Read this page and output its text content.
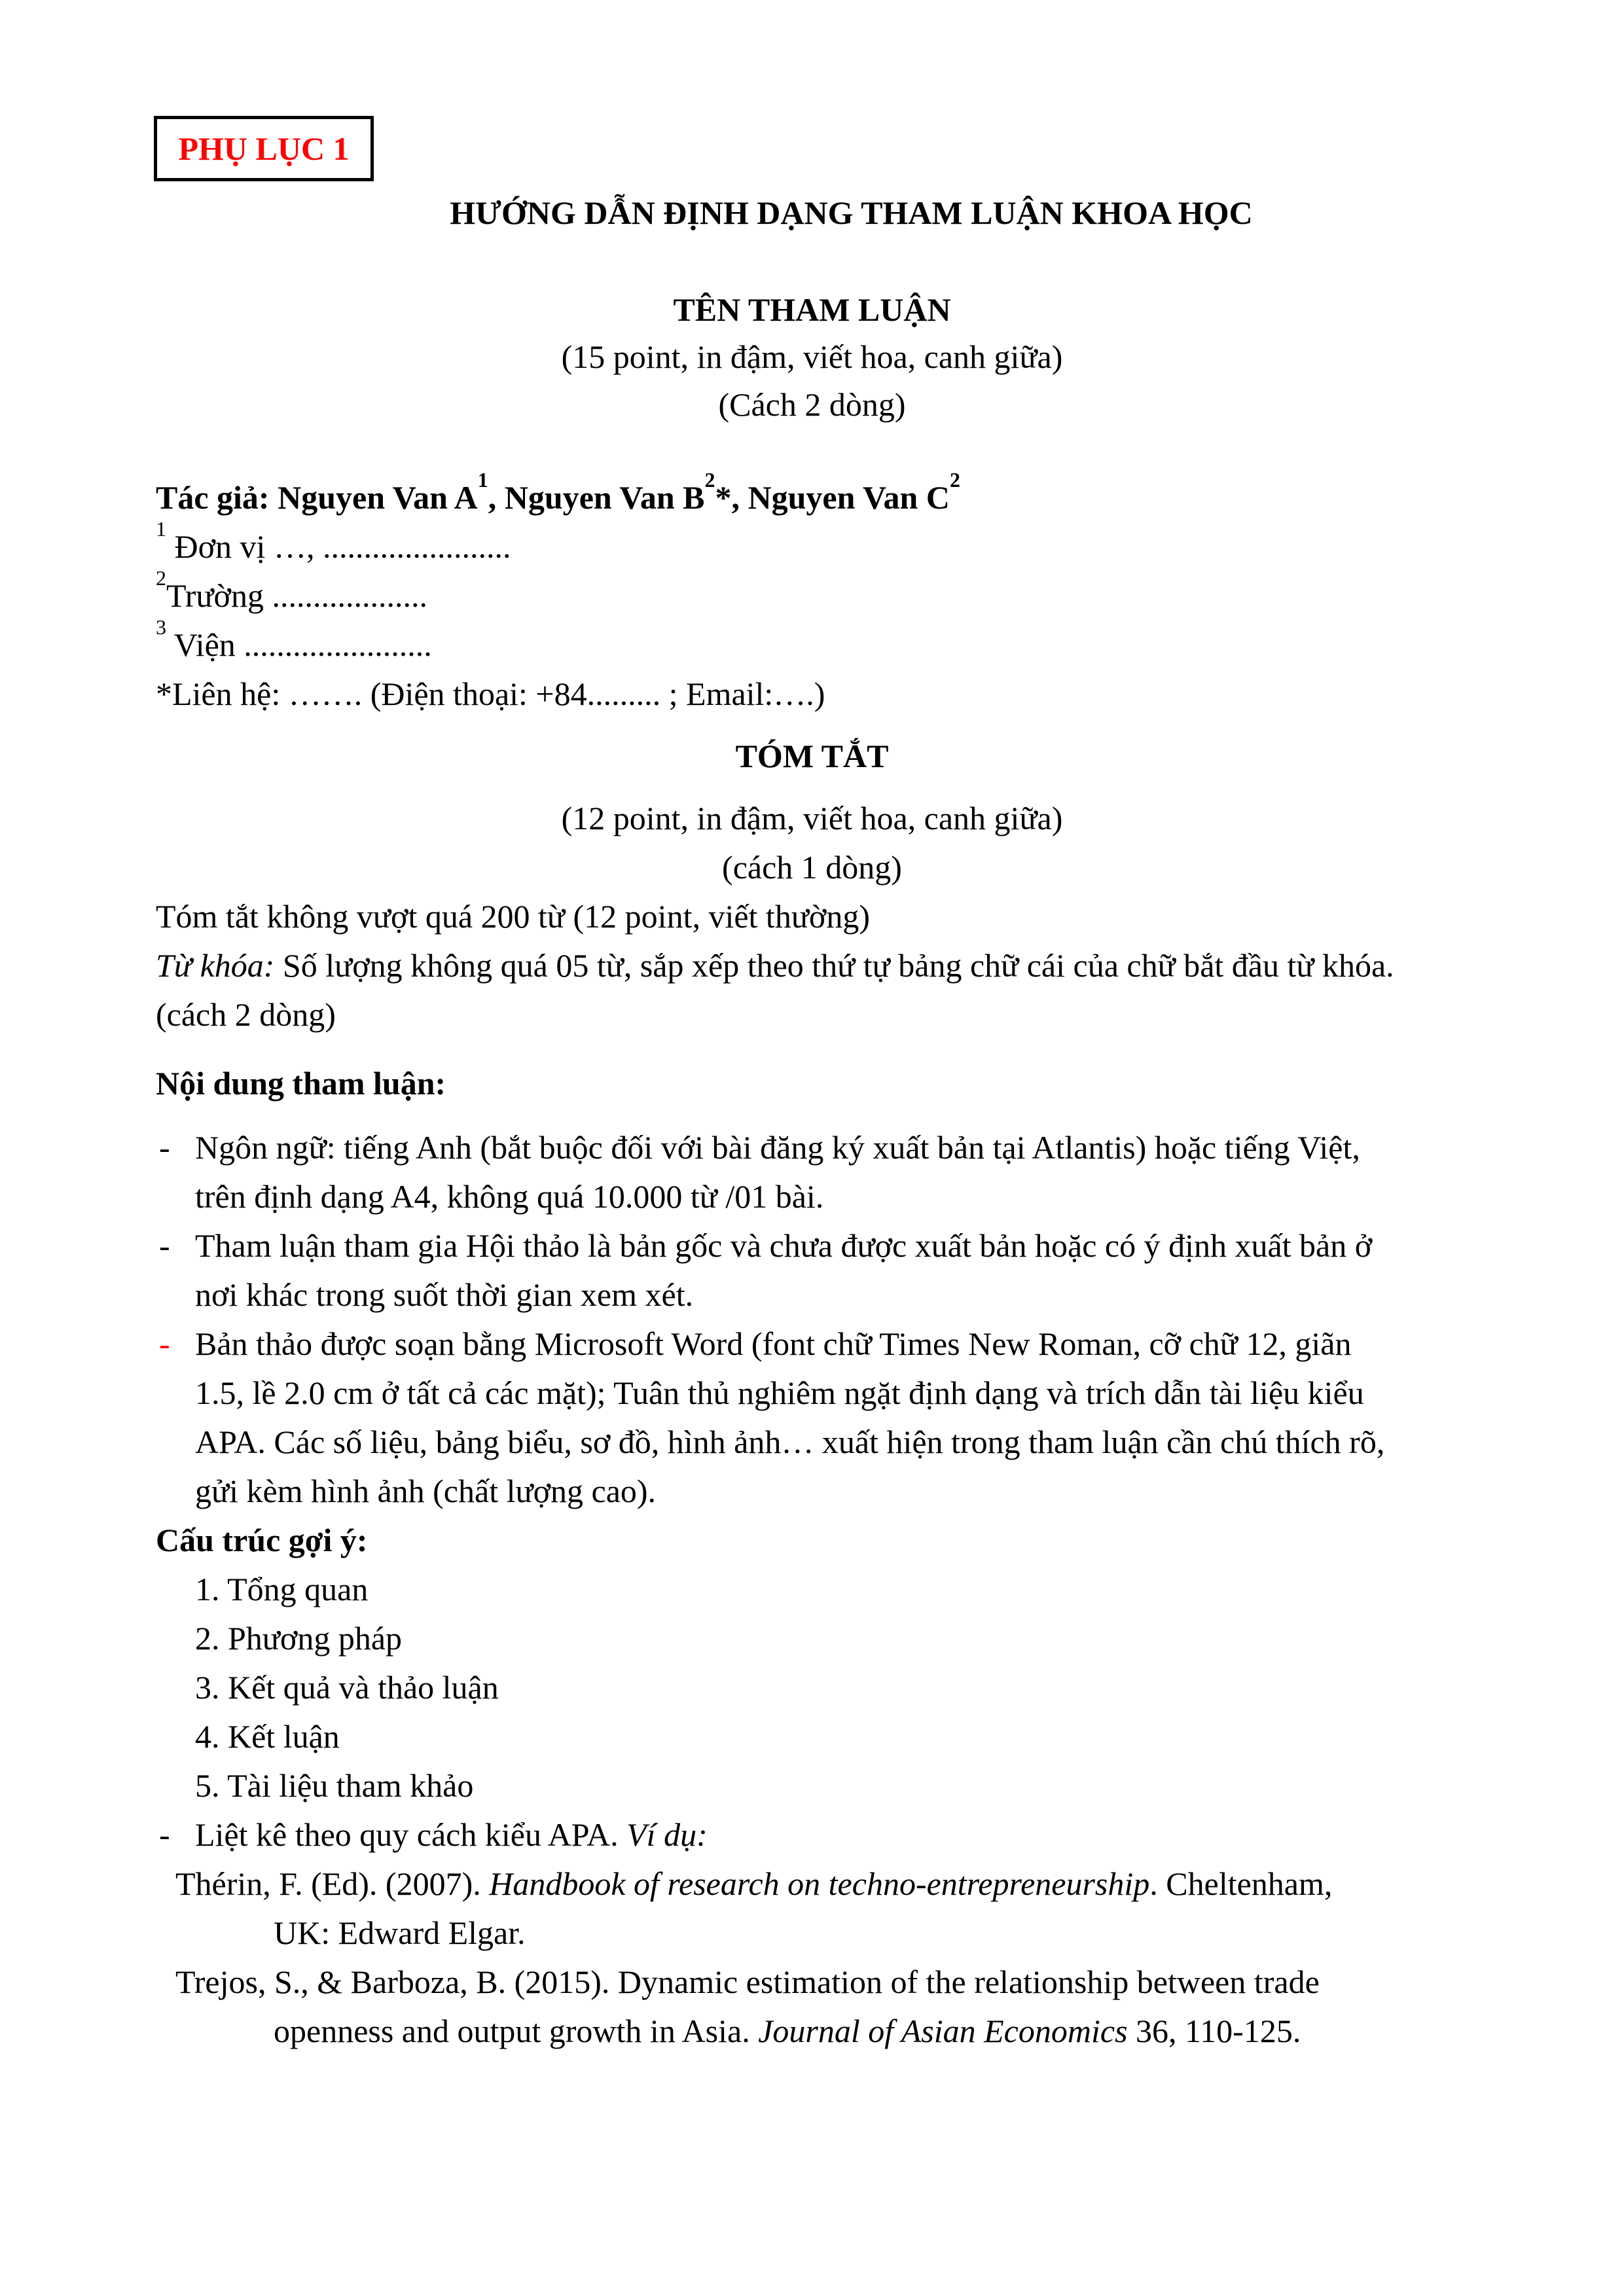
PHỤ LỤC 1
HƯỚNG DẪN ĐỊNH DẠNG THAM LUẬN KHOA HỌC
TÊN THAM LUẬN
(15 point, in đậm, viết hoa, canh giữa)
(Cách 2 dòng)
Tác giả: Nguyen Van $A^1$, Nguyen Van $B^2*$, Nguyen Van $C^2$
$^1$ Đơn vị …, .......................
$^2$Trường ...................
$^3$ Viện .......................
*Liên hệ: ……. (Điện thoại: +84......... ; Email:….)
TÓM TẮT
(12 point, in đậm, viết hoa, canh giữa)
(cách 1 dòng)
Tóm tắt không vượt quá 200 từ (12 point, viết thường)
Từ khóa: Số lượng không quá 05 từ, sắp xếp theo thứ tự bảng chữ cái của chữ bắt đầu từ khóa.
(cách 2 dòng)
Nội dung tham luận:
- Ngôn ngữ: tiếng Anh (bắt buộc đối với bài đăng ký xuất bản tại Atlantis) hoặc tiếng Việt,
trên định dạng A4, không quá 10.000 từ /01 bài.
- Tham luận tham gia Hội thảo là bản gốc và chưa được xuất bản hoặc có ý định xuất bản ở
nơi khác trong suốt thời gian xem xét.
- Bản thảo được soạn bằng Microsoft Word (font chữ Times New Roman, cỡ chữ 12, giãn
1.5, lề 2.0 cm ở tất cả các mặt); Tuân thủ nghiêm ngặt định dạng và trích dẫn tài liệu kiểu
APA. Các số liệu, bảng biểu, sơ đồ, hình ảnh… xuất hiện trong tham luận cần chú thích rõ,
gửi kèm hình ảnh (chất lượng cao).
Cấu trúc gợi ý:
1. Tổng quan
2. Phương pháp
3. Kết quả và thảo luận
4. Kết luận
5. Tài liệu tham khảo
- Liệt kê theo quy cách kiểu APA. Ví dụ:
Thérin, F. (Ed). (2007). Handbook of research on techno-entrepreneurship. Cheltenham,
UK: Edward Elgar.
Trejos, S., & Barboza, B. (2015). Dynamic estimation of the relationship between trade
openness and output growth in Asia. Journal of Asian Economics 36, 110-125.
